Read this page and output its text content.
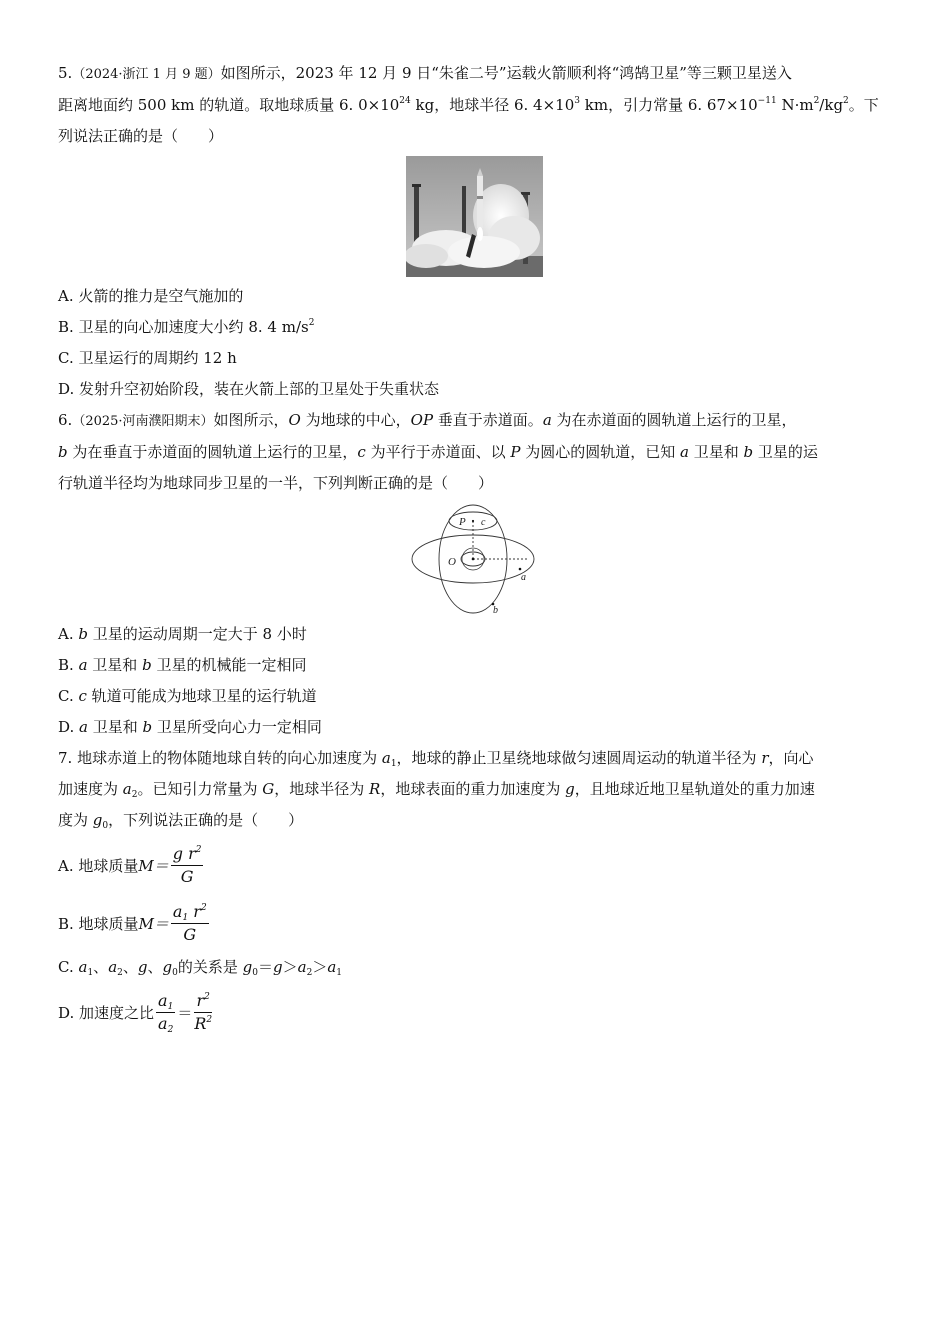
5.（2024·浙江 1 月 9 题）如图所示，2023 年 12 月 9 日“朱雀二号”运载火箭顺利将“鸿鹄卫星”等三颗卫星送入

距离地面约 500 km 的轨道。取地球质量 6. $0\times 10^{24}$ kg，地球半径 6. $4\times 10^3$ km，引力常量 6. $67\times 10^{-11}$ $N\cdot m^2/kg^2$。下

列说法正确的是（　　）

A. 火箭的推力是空气施加的

B. 卫星的向心加速度大小约 8. 4 $m/s^2$

C. 卫星运行的周期约 12 h

D. 发射升空初始阶段，装在火箭上部的卫星处于失重状态

6.（2025·河南濮阳期末）如图所示，O 为地球的中心，OP 垂直于赤道面。a 为在赤道面的圆轨道上运行的卫星，

b 为在垂直于赤道面的圆轨道上运行的卫星，c 为平行于赤道面、以 P 为圆心的圆轨道，已知 a 卫星和 b 卫星的运

行轨道半径均为地球同步卫星的一半，下列判断正确的是（　　）

P c
O
a
b

A. b 卫星的运动周期一定大于 8 小时

B. a 卫星和 b 卫星的机械能一定相同

C. c 轨道可能成为地球卫星的运行轨道

D. a 卫星和 b 卫星所受向心力一定相同

7. 地球赤道上的物体随地球自转的向心加速度为 $a_1$，地球的静止卫星绕地球做匀速圆周运动的轨道半径为 r，向心

加速度为 $a_2$。已知引力常量为 G，地球半径为 R，地球表面的重力加速度为 g，且地球近地卫星轨道处的重力加速

度为 $g_0$，下列说法正确的是（　　）

A. 地球质量 $M= \frac{g r^2}{G}$
B. 地球质量 $M= \frac{a_1 r^2}{G}$

C. $a_1$、$a_2$、g、$g_0$的关系是 $g_0=g>a_2>a_1$

D. 加速度之比 $\frac{a_1}{a_2} = \frac{r^2}{R^2}$
